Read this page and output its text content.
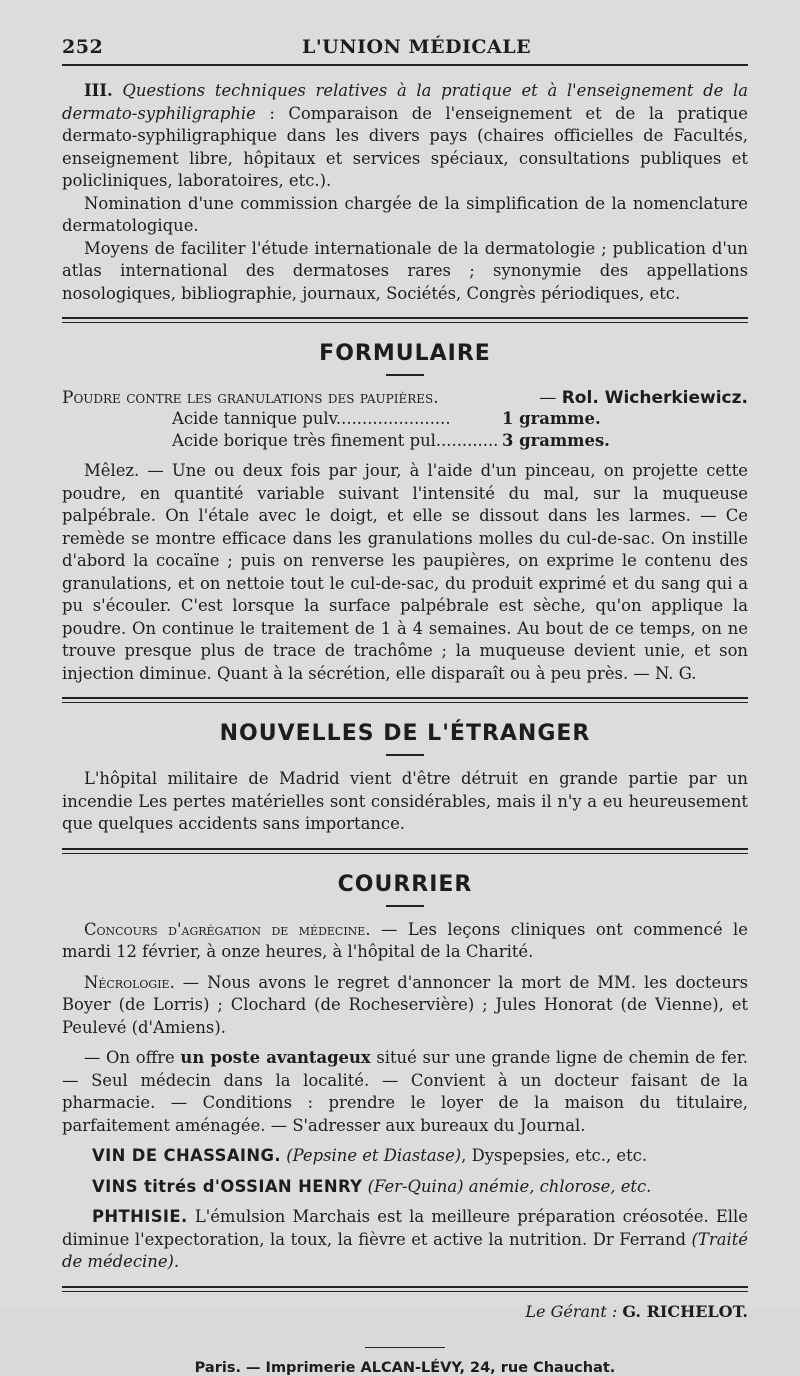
252	L'UNION MÉDICALE

III. Questions techniques relatives à la pratique et à l'enseignement de la dermato-syphiligraphie : Comparaison de l'enseignement et de la pratique dermato-syphiligraphique dans les divers pays (chaires officielles de Facultés, enseignement libre, hôpitaux et services spéciaux, consultations publiques et policliniques, laboratoires, etc.).

Nomination d'une commission chargée de la simplification de la nomenclature dermatologique.

Moyens de faciliter l'étude internationale de la dermatologie ; publication d'un atlas international des dermatoses rares ; synonymie des appellations nosologiques, bibliographie, journaux, Sociétés, Congrès périodiques, etc.

FORMULAIRE
Poudre contre les granulations des paupières.	— Rol. Wicherkiewicz.
Acide tannique pulv......................	1 gramme.
Acide borique très finement pul............ 3 grammes.

Mêlez. — Une ou deux fois par jour, à l'aide d'un pinceau, on projette cette poudre, en quantité variable suivant l'intensité du mal, sur la muqueuse palpébrale. On l'étale avec le doigt, et elle se dissout dans les larmes. — Ce remède se montre efficace dans les granulations molles du cul-de-sac. On instille d'abord la cocaïne ; puis on renverse les paupières, on exprime le contenu des granulations, et on nettoie tout le cul-de-sac, du produit exprimé et du sang qui a pu s'écouler. C'est lorsque la surface palpébrale est sèche, qu'on applique la poudre. On continue le traitement de 1 à 4 semaines. Au bout de ce temps, on ne trouve presque plus de trace de trachôme ; la muqueuse devient unie, et son injection diminue. Quant à la sécrétion, elle disparaît ou à peu près. — N. G.

NOUVELLES DE L'ÉTRANGER

L'hôpital militaire de Madrid vient d'être détruit en grande partie par un incendie Les pertes matérielles sont considérables, mais il n'y a eu heureusement que quelques accidents sans importance.

COURRIER

Concours d'agrégation de médecine. — Les leçons cliniques ont commencé le mardi 12 février, à onze heures, à l'hôpital de la Charité.

Nécrologie. — Nous avons le regret d'annoncer la mort de MM. les docteurs Boyer (de Lorris) ; Clochard (de Rocheservière) ; Jules Honorat (de Vienne), et Peulevé (d'Amiens).

— On offre un poste avantageux situé sur une grande ligne de chemin de fer. — Seul médecin dans la localité. — Convient à un docteur faisant de la pharmacie. — Conditions : prendre le loyer de la maison du titulaire, parfaitement aménagée. — S'adresser aux bureaux du Journal.

VIN DE CHASSAING. (Pepsine et Diastase), Dyspepsies, etc., etc.

VINS titrés d'OSSIAN HENRY (Fer-Quina) anémie, chlorose, etc.

PHTHISIE. L'émulsion Marchais est la meilleure préparation créosotée. Elle diminue l'expectoration, la toux, la fièvre et active la nutrition. Dr Ferrand (Traité de médecine).

Le Gérant : G. RICHELOT.
Paris. — Imprimerie ALCAN-LÉVY, 24, rue Chauchat.
